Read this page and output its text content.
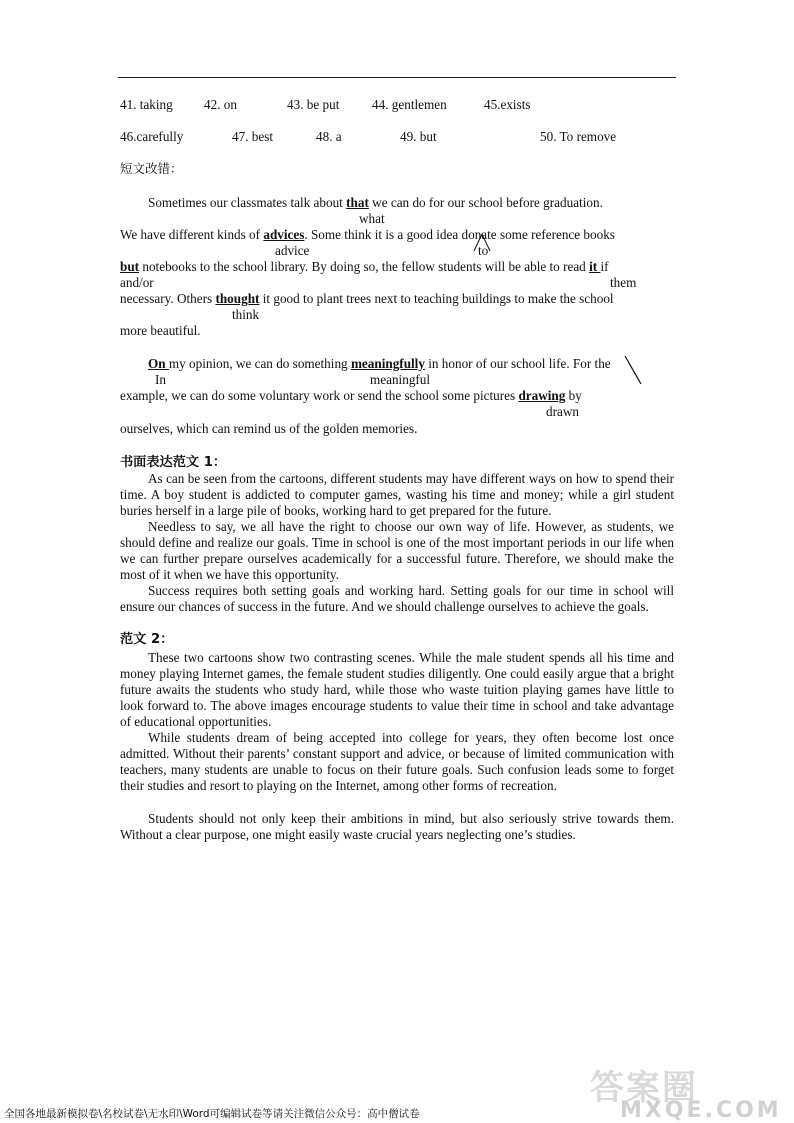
41. taking 42. on	43. be put 44. gentlemen	45.exists
46.carefully	47. best	48. a	49. but	50. To remove
短文改错：
Sometimes our classmates talk about that we can do for our school before graduation.
what
We have different kinds of advices. Some think it is a good idea donate some reference books
advice	to
but notebooks to the school library. By doing so, the fellow students will be able to read it if
and/or	them
necessary. Others thought it good to plant trees next to teaching buildings to make the school
think
more beautiful.
On my opinion, we can do something meaningfully in honor of our school life. For the
In	meaningful
example, we can do some voluntary work or send the school some pictures drawing by
drawn
ourselves, which can remind us of the golden memories.
书面表达范文 1：

As can be seen from the cartoons, different students may have different ways on how to spend their time. A boy student is addicted to computer games, wasting his time and money; while a girl student buries herself in a large pile of books, working hard to get prepared for the future.

Needless to say, we all have the right to choose our own way of life. However, as students, we should define and realize our goals. Time in school is one of the most important periods in our life when we can further prepare ourselves academically for a successful future. Therefore, we should make the most of it when we have this opportunity.

Success requires both setting goals and working hard. Setting goals for our time in school will ensure our chances of success in the future. And we should challenge ourselves to achieve the goals.

范文 2：

These two cartoons show two contrasting scenes. While the male student spends all his time and money playing Internet games, the female student studies diligently. One could easily argue that a bright future awaits the students who study hard, while those who waste tuition playing games have little to look forward to. The above images encourage students to value their time in school and take advantage of educational opportunities.

While students dream of being accepted into college for years, they often become lost once admitted. Without their parents’ constant support and advice, or because of limited communication with teachers, many students are unable to focus on their future goals. Such confusion leads some to forget their studies and resort to playing on the Internet, among other forms of recreation.

Students should not only keep their ambitions in mind, but also seriously strive towards them. Without a clear purpose, one might easily waste crucial years neglecting one’s studies.

答案圈
MXQE.COM
全国各地最新模拟卷\名校试卷\无水印\Word可编辑试卷等请关注微信公众号：高中僧试卷
